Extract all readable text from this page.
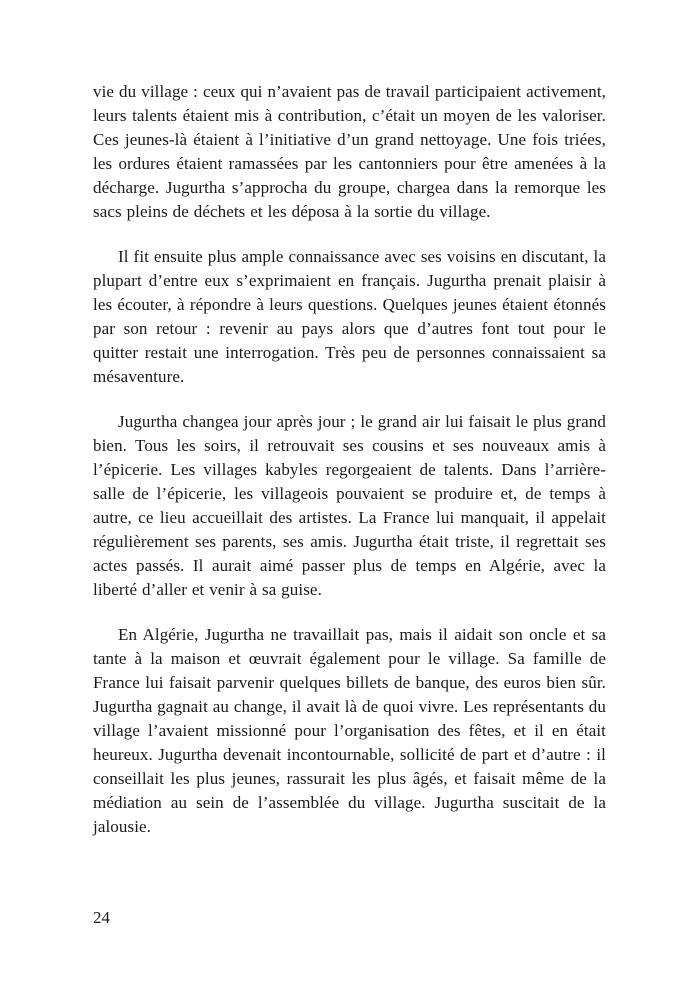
vie du village : ceux qui n’avaient pas de travail participaient activement, leurs talents étaient mis à contribution, c’était un moyen de les valoriser. Ces jeunes-là étaient à l’initiative d’un grand nettoyage. Une fois triées, les ordures étaient ramassées par les cantonniers pour être amenées à la décharge. Jugurtha s’approcha du groupe, chargea dans la remorque les sacs pleins de déchets et les déposa à la sortie du village.

Il fit ensuite plus ample connaissance avec ses voisins en discutant, la plupart d’entre eux s’exprimaient en français. Jugurtha prenait plaisir à les écouter, à répondre à leurs questions. Quelques jeunes étaient étonnés par son retour : revenir au pays alors que d’autres font tout pour le quitter restait une interrogation. Très peu de personnes connaissaient sa mésaventure.

Jugurtha changea jour après jour ; le grand air lui faisait le plus grand bien. Tous les soirs, il retrouvait ses cousins et ses nouveaux amis à l’épicerie. Les villages kabyles regorgeaient de talents. Dans l’arrière-salle de l’épicerie, les villageois pouvaient se produire et, de temps à autre, ce lieu accueillait des artistes. La France lui manquait, il appelait régulièrement ses parents, ses amis. Jugurtha était triste, il regrettait ses actes passés. Il aurait aimé passer plus de temps en Algérie, avec la liberté d’aller et venir à sa guise.

En Algérie, Jugurtha ne travaillait pas, mais il aidait son oncle et sa tante à la maison et œuvrait également pour le village. Sa famille de France lui faisait parvenir quelques billets de banque, des euros bien sûr. Jugurtha gagnait au change, il avait là de quoi vivre. Les représentants du village l’avaient missionné pour l’organisation des fêtes, et il en était heureux. Jugurtha devenait incontournable, sollicité de part et d’autre : il conseillait les plus jeunes, rassurait les plus âgés, et faisait même de la médiation au sein de l’assemblée du village. Jugurtha suscitait de la jalousie.

24
